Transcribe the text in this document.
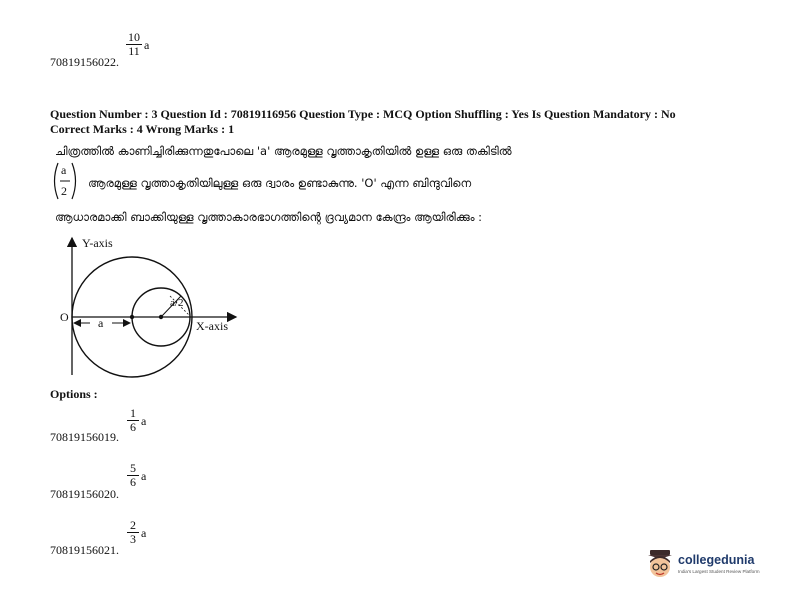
$\frac{10}{11}$ a
70819156022.
Question Number : 3 Question Id : 70819116956 Question Type : MCQ Option Shuffling : Yes Is Question Mandatory : No
Correct Marks : 4 Wrong Marks : 1
ചിത്രത്തിൽ കാണിച്ചിരിക്കുന്നതുപോലെ 'a' ആരമുള്ള വൃത്താകൃതിയിൽ ഉള്ള ഒരു തകിടിൽ
a
2
ആരമുള്ള വൃത്താകൃതിയിലുള്ള ഒരു ദ്വാരം ഉണ്ടാകുന്നു. 'O' എന്ന ബിന്ദുവിനെ
ആധാരമാക്കി ബാക്കിയുള്ള വൃത്താകാരഭാഗത്തിന്റെ ദ്രവ്യമാന കേന്ദ്രം ആയിരിക്കും :
Y-axis
X-axis
O a
a/2
Options :
$\frac{1}{6}$ a
70819156019.
$\frac{5}{6}$ a
70819156020.
$\frac{2}{3}$ a
70819156021.
collegedunia
India's Largest Student Review Platform
